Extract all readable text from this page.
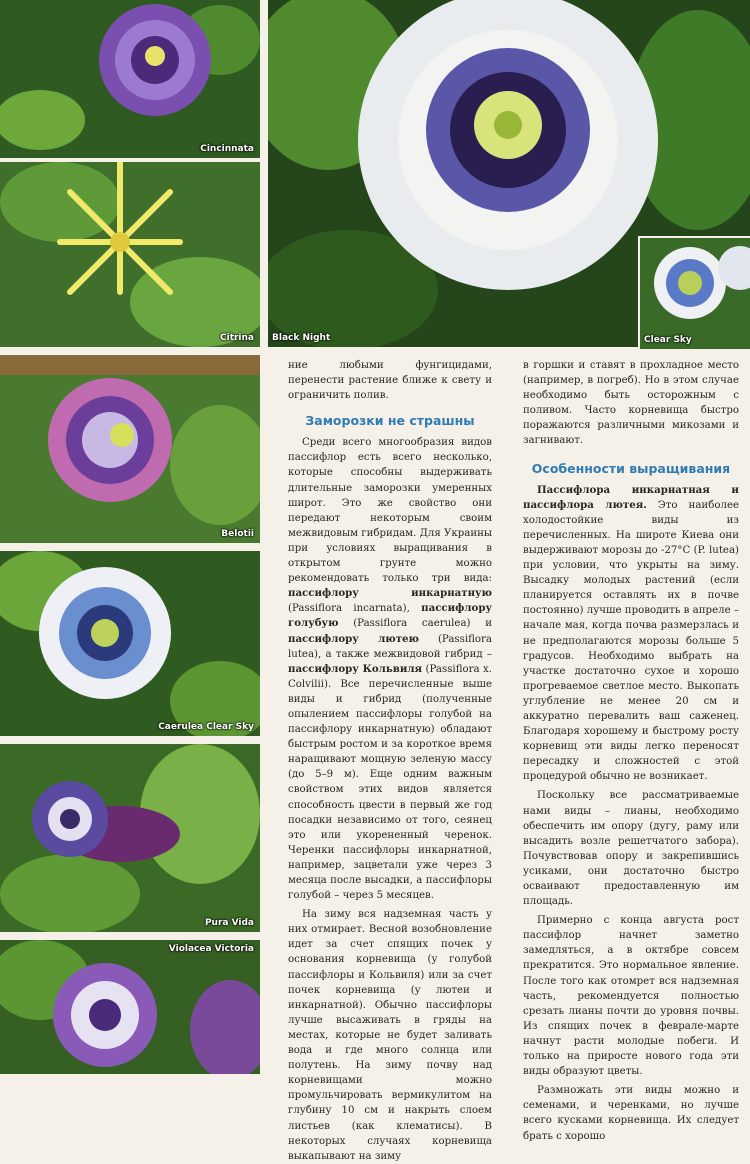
Cincinnata
Citrina
Belotii
Caerulea Clear Sky
Pura Vida
Violacea Victoria
Black Night	Clear Sky

ние любыми фунгицидами, перенести растение ближе к свету и ограничить полив.

Заморозки не страшны

Среди всего многообразия видов пассифлор есть всего несколько, которые способны выдерживать длительные заморозки умеренных широт. Это же свойство они передают некоторым своим межвидовым гибридам. Для Украины при условиях выращивания в открытом грунте можно рекомендовать только три вида: пассифлору инкарнатную (Passiflora incarnata), пассифлору голубую (Passiflora caerulea) и пассифлору лютею (Passiflora lutea), а также межвидовой гибрид – пассифлору Кольвиля (Passiflora x. Colvilii). Все перечисленные выше виды и гибрид (полученные опылением пассифлоры голубой на пассифлору инкарнатную) обладают быстрым ростом и за короткое время наращивают мощную зеленую массу (до 5–9 м). Еще одним важным свойством этих видов является способность цвести в первый же год посадки независимо от того, сеянец это или укорененный черенок. Черенки пассифлоры инкарнатной, например, зацветали уже через 3 месяца после высадки, а пассифлоры голубой – через 5 месяцев.

На зиму вся надземная часть у них отмирает. Весной возобновление идет за счет спящих почек у основания корневища (у голубой пассифлоры и Кольвиля) или за счет почек корневища (у лютеи и инкарнатной). Обычно пассифлоры лучше высаживать в гряды на местах, которые не будет заливать вода и где много солнца или полутень. На зиму почву над корневищами можно промульчировать вермикулитом на глубину 10 см и накрыть слоем листьев (как клематисы). В некоторых случаях корневища выкапывают на зиму

в горшки и ставят в прохладное место (например, в погреб). Но в этом случае необходимо быть осторожным с поливом. Часто корневища быстро поражаются различными микозами и загнивают.

Особенности выращивания

Пассифлора инкарнатная и пассифлора лютея. Это наиболее холодостойкие виды из перечисленных. На широте Киева они выдерживают морозы до -27°С (P. lutea) при условии, что укрыты на зиму. Высадку молодых растений (если планируется оставлять их в почве постоянно) лучше проводить в апреле – начале мая, когда почва размерзлась и не предполагаются морозы больше 5 градусов. Необходимо выбрать на участке достаточно сухое и хорошо прогреваемое светлое место. Выкопать углубление не менее 20 см и аккуратно перевалить ваш саженец. Благодаря хорошему и быстрому росту корневищ эти виды легко переносят пересадку и сложностей с этой процедурой обычно не возникает.

Поскольку все рассматриваемые нами виды – лианы, необходимо обеспечить им опору (дугу, раму или высадить возле решетчатого забора). Почувствовав опору и закрепившись усиками, они достаточно быстро осваивают предоставленную им площадь.

Примерно с конца августа рост пассифлор начнет заметно замедляться, а в октябре совсем прекратится. Это нормальное явление. После того как отомрет вся надземная часть, рекомендуется полностью срезать лианы почти до уровня почвы. Из спящих почек в феврале-марте начнут расти молодые побеги. И только на приросте нового года эти виды образуют цветы.

Размножать эти виды можно и семенами, и черенками, но лучше всего кусками корневища. Их следует брать с хорошо
